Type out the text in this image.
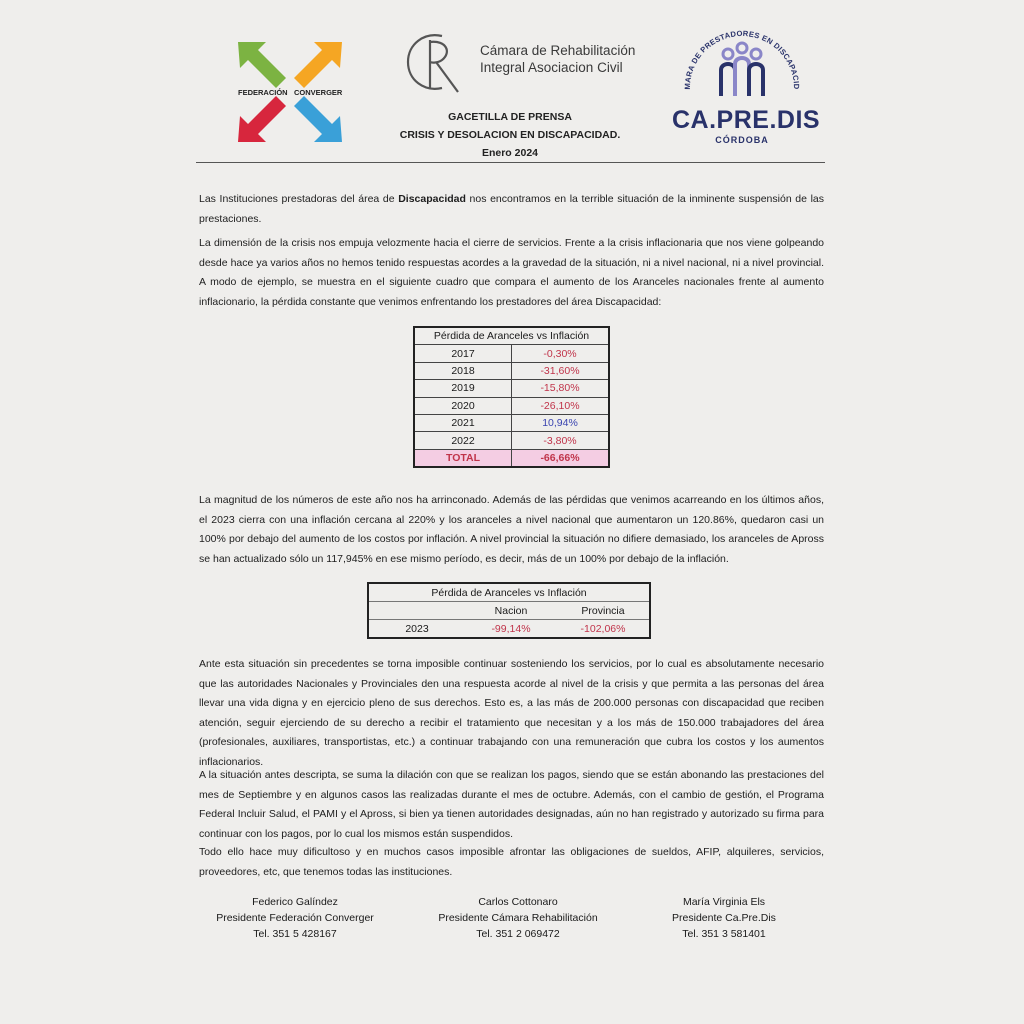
FEDERACIÓN CONVERGER
Cámara de Rehabilitación
Integral Asociacion Civil
MARA DE PRESTADORES EN DISCAPACID
CA.PRE.DIS
CÓRDOBA
GACETILLA DE PRENSA
CRISIS Y DESOLACION EN DISCAPACIDAD.
Enero 2024
Las Instituciones prestadoras del área de Discapacidad nos encontramos en la terrible situación de la inminente suspensión de las prestaciones.
La dimensión de la crisis nos empuja velozmente hacia el cierre de servicios. Frente a la crisis inflacionaria que nos viene golpeando desde hace ya varios años no hemos tenido respuestas acordes a la gravedad de la situación, ni a nivel nacional, ni a nivel provincial. A modo de ejemplo, se muestra en el siguiente cuadro que compara el aumento de los Aranceles nacionales frente al aumento inflacionario, la pérdida constante que venimos enfrentando los prestadores del área Discapacidad:
Pérdida de Aranceles vs Inflación	
2017	-0,30%
2018	-31,60%
2019	-15,80%
2020	-26,10%
2021	10,94%
2022	-3,80%
TOTAL	-66,66%
La magnitud de los números de este año nos ha arrinconado. Además de las pérdidas que venimos acarreando en los últimos años, el 2023 cierra con una inflación cercana al 220% y los aranceles a nivel nacional que aumentaron un 120.86%, quedaron casi un 100% por debajo del aumento de los costos por inflación. A nivel provincial la situación no difiere demasiado, los aranceles de Apross se han actualizado sólo un 117,945% en ese mismo período, es decir, más de un 100% por debajo de la inflación.
Pérdida de Aranceles vs Inflación		
	Nacion	Provincia
2023	-99,14%	-102,06%
Ante esta situación sin precedentes se torna imposible continuar sosteniendo los servicios, por lo cual es absolutamente necesario que las autoridades Nacionales y Provinciales den una respuesta acorde al nivel de la crisis y que permita a las personas del área llevar una vida digna y en ejercicio pleno de sus derechos. Esto es, a las más de 200.000 personas con discapacidad que reciben atención, seguir ejerciendo de su derecho a recibir el tratamiento que necesitan y a los más de 150.000 trabajadores del área (profesionales, auxiliares, transportistas, etc.) a continuar trabajando con una remuneración que cubra los costos y los aumentos inflacionarios.
A la situación antes descripta, se suma la dilación con que se realizan los pagos, siendo que se están abonando las prestaciones del mes de Septiembre y en algunos casos las realizadas durante el mes de octubre. Además, con el cambio de gestión, el Programa Federal Incluir Salud, el PAMI y el Apross, si bien ya tienen autoridades designadas, aún no han registrado y autorizado su firma para continuar con los pagos, por lo cual los mismos están suspendidos.
Todo ello hace muy dificultoso y en muchos casos imposible afrontar las obligaciones de sueldos, AFIP, alquileres, servicios, proveedores, etc, que tenemos todas las instituciones.
Federico Galíndez
Presidente Federación Converger
Tel. 351 5 428167
Carlos Cottonaro
Presidente Cámara Rehabilitación
Tel. 351 2 069472
María Virginia Els
Presidente Ca.Pre.Dis
Tel. 351 3 581401
